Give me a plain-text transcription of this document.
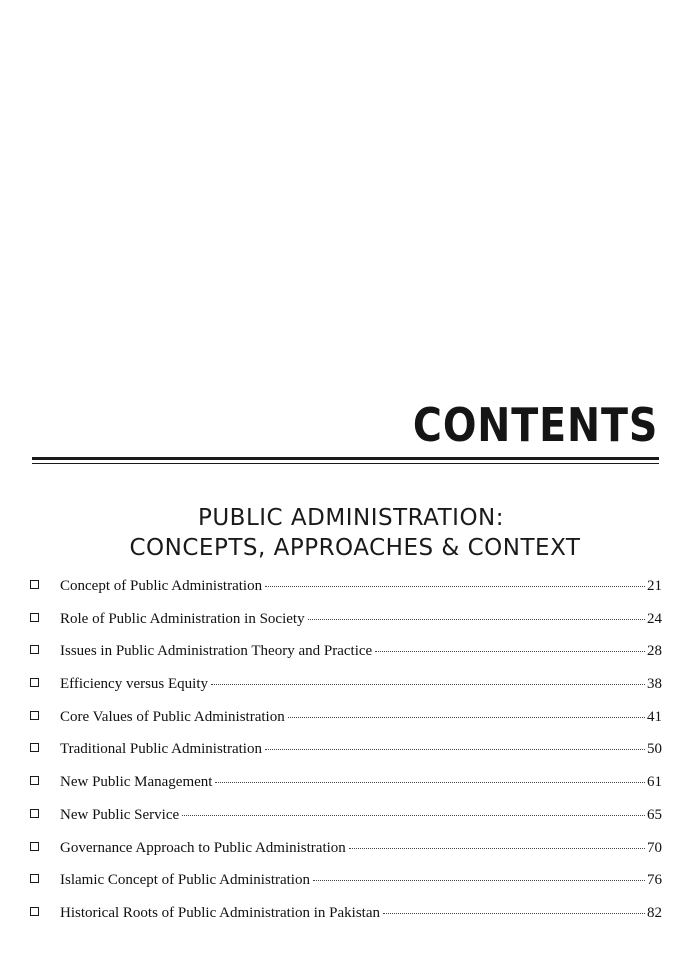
CONTENTS
PUBLIC ADMINISTRATION:
CONCEPTS, APPROACHES & CONTEXT
Concept of Public Administration	21
Role of Public Administration in Society	24
Issues in Public Administration Theory and Practice	28
Efficiency versus Equity	38
Core Values of Public Administration	41
Traditional Public Administration	50
New Public Management	61
New Public Service	65
Governance Approach to Public Administration	70
Islamic Concept of Public Administration	76
Historical Roots of Public Administration in Pakistan	82
